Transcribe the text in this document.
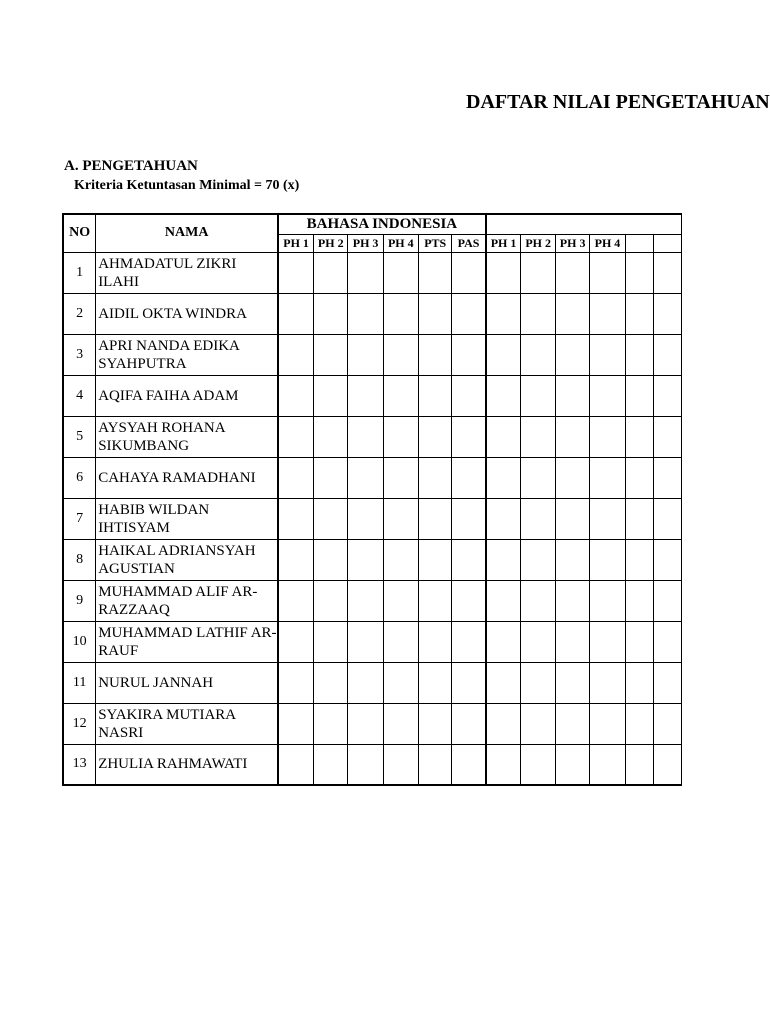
DAFTAR NILAI PENGETAHUAN
A. PENGETAHUAN
Kriteria Ketuntasan Minimal = 70 (x)
NO	NAMA	BAHASA INDONESIA											
		PH 1	PH 2	PH 3	PH 4	PTS	PAS	PH 1	PH 2	PH 3	PH 4		
1	AHMADATUL ZIKRI ILAHI												
2	AIDIL OKTA WINDRA												
3	APRI NANDA EDIKA SYAHPUTRA												
4	AQIFA FAIHA ADAM												
5	AYSYAH ROHANA SIKUMBANG												
6	CAHAYA RAMADHANI												
7	HABIB WILDAN IHTISYAM												
8	HAIKAL ADRIANSYAH AGUSTIAN												
9	MUHAMMAD ALIF AR-RAZZAAQ												
10	MUHAMMAD LATHIF AR-RAUF												
11	NURUL JANNAH												
12	SYAKIRA MUTIARA NASRI												
13	ZHULIA RAHMAWATI												
